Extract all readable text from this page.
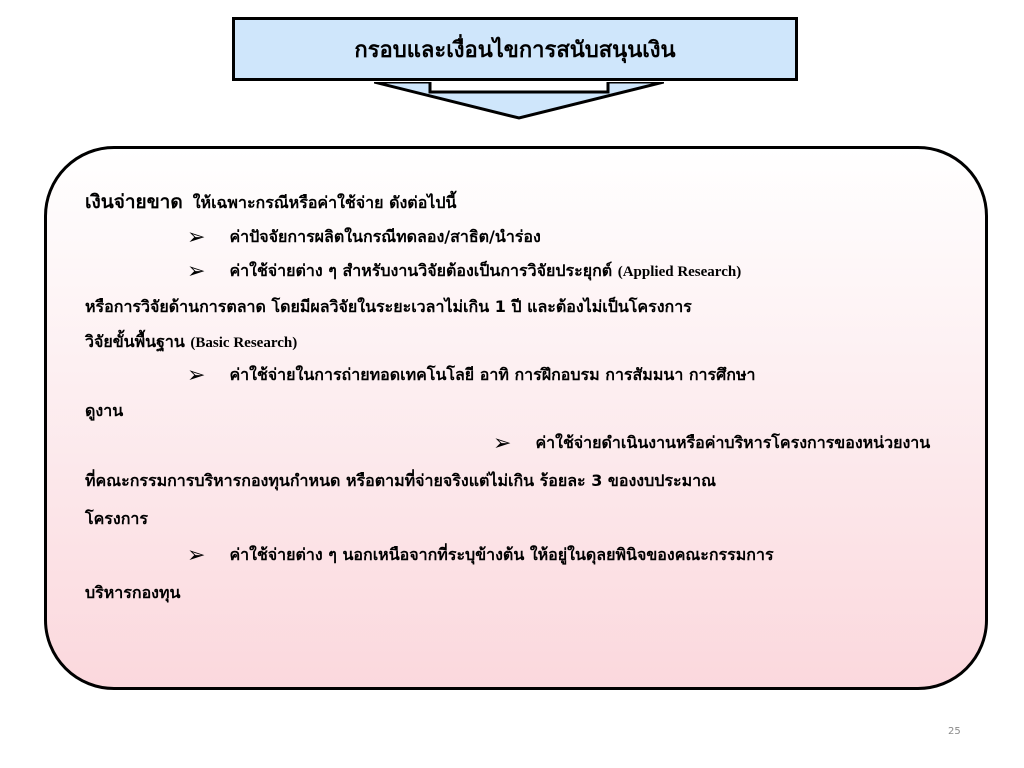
กรอบและเงื่อนไขการสนับสนุนเงิน
เงินจ่ายขาด ให้เฉพาะกรณีหรือค่าใช้จ่าย ดังต่อไปนี้
➢ ค่าปัจจัยการผลิตในกรณีทดลอง/สาธิต/นำร่อง
➢ ค่าใช้จ่ายต่าง ๆ สำหรับงานวิจัยต้องเป็นการวิจัยประยุกต์ (Applied Research)
หรือการวิจัยด้านการตลาด โดยมีผลวิจัยในระยะเวลาไม่เกิน 1 ปี และต้องไม่เป็นโครงการ
วิจัยขั้นพื้นฐาน (Basic Research)
➢ ค่าใช้จ่ายในการถ่ายทอดเทคโนโลยี อาทิ การฝึกอบรม การสัมมนา การศึกษา
ดูงาน
➢ ค่าใช้จ่ายดำเนินงานหรือค่าบริหารโครงการของหน่วยงาน
ที่คณะกรรมการบริหารกองทุนกำหนด หรือตามที่จ่ายจริงแต่ไม่เกิน ร้อยละ 3 ของงบประมาณ
โครงการ
➢ ค่าใช้จ่ายต่าง ๆ นอกเหนือจากที่ระบุข้างต้น ให้อยู่ในดุลยพินิจของคณะกรรมการ
บริหารกองทุน
25
